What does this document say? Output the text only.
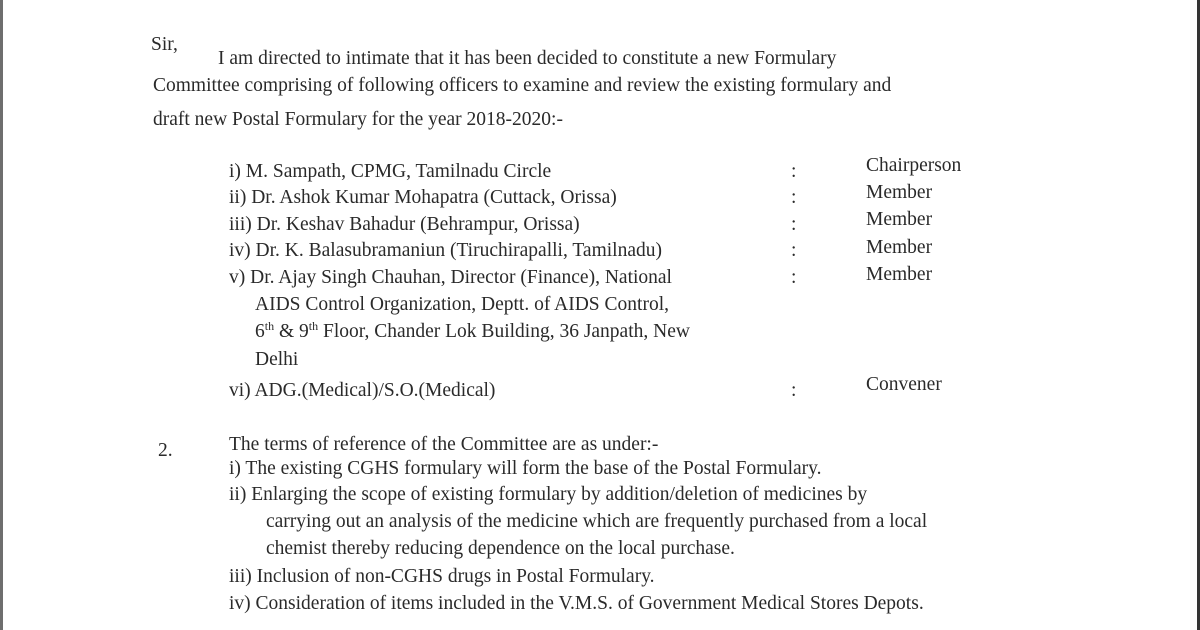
Sir,
I am directed to intimate that it has been decided to constitute a new Formulary
Committee comprising of following officers to examine and review the existing formulary and
draft new Postal Formulary for the year 2018-2020:-
i) M. Sampath, CPMG, Tamilnadu Circle	:	Chairperson
ii) Dr. Ashok Kumar Mohapatra (Cuttack, Orissa)	:	Member
iii) Dr. Keshav Bahadur (Behrampur, Orissa)	:	Member
iv) Dr. K. Balasubramaniun (Tiruchirapalli, Tamilnadu)	:	Member
v) Dr. Ajay Singh Chauhan, Director (Finance), National	:	Member
AIDS Control Organization, Deptt. of AIDS Control,
6th & 9th Floor, Chander Lok Building, 36 Janpath, New
Delhi
vi) ADG.(Medical)/S.O.(Medical)	:	Convener
2.	The terms of reference of the Committee are as under:-
i) The existing CGHS formulary will form the base of the Postal Formulary.
ii) Enlarging the scope of existing formulary by addition/deletion of medicines by
carrying out an analysis of the medicine which are frequently purchased from a local
chemist thereby reducing dependence on the local purchase.
iii) Inclusion of non-CGHS drugs in Postal Formulary.
iv) Consideration of items included in the V.M.S. of Government Medical Stores Depots.
